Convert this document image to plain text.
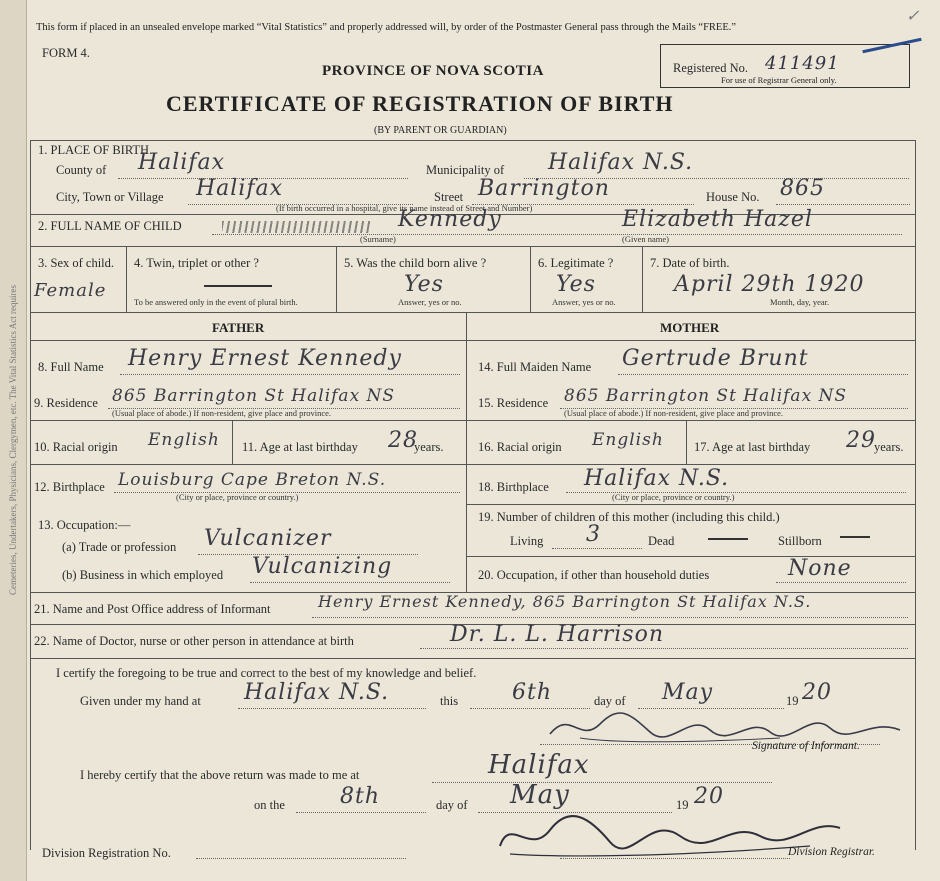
Cemeteries, Undertakers, Physicians, Clergymen, etc. The Vital Statistics Act requires
This form if placed in an unsealed envelope marked “Vital Statistics” and properly addressed will, by order of the Postmaster General pass through the Mails “FREE.”
FORM 4.
PROVINCE OF NOVA SCOTIA
CERTIFICATE OF REGISTRATION OF BIRTH
(BY PARENT OR GUARDIAN)
Registered No. 411491
For use of Registrar General only.
✓
1. PLACE OF BIRTH.
County of Halifax	Municipality of Halifax N.S.
City, Town or Village Halifax	Street Barrington	House No. 865
(If birth occurred in a hospital, give its name instead of Street and Number)
2. FULL NAME OF CHILD	Kennedy	Elizabeth Hazel
(Surname)	(Given name)
3. Sex of child.
Female
4. Twin, triplet or other ?
To be answered only in the event of plural birth.
5. Was the child born alive ?
Yes
Answer, yes or no.
6. Legitimate ?
Yes
Answer, yes or no.
7. Date of birth.
April 29th 1920
Month, day, year.
FATHER	MOTHER
8. Full Name Henry Ernest Kennedy
9. Residence 865 Barrington St Halifax NS
(Usual place of abode.) If non-resident, give place and province.
10. Racial origin English 11. Age at last birthday 28
years.
12. Birthplace Louisburg Cape Breton N.S.
(City or place, province or country.)
13. Occupation:—
(a) Trade or profession Vulcanizer
(b) Business in which employed Vulcanizing
14. Full Maiden Name Gertrude Brunt
15. Residence 865 Barrington St Halifax NS
(Usual place of abode.) If non-resident, give place and province.
16. Racial origin English 17. Age at last birthday 29
years.
18. Birthplace Halifax N.S.
(City or place, province or country.)
19. Number of children of this mother (including this child.)
Living 3	Dead	Stillborn
20. Occupation, if other than household duties	None
21. Name and Post Office address of Informant	Henry Ernest Kennedy, 865 Barrington St Halifax N.S.
22. Name of Doctor, nurse or other person in attendance at birth	Dr. L. L. Harrison
I certify the foregoing to be true and correct to the best of my knowledge and belief.
Given under my hand at Halifax N.S.	this 6th	day of May	19 20
Signature of Informant.
I hereby certify that the above return was made to me at	Halifax
on the	8th	day of May	19 20
Division Registration No.	Division Registrar.
